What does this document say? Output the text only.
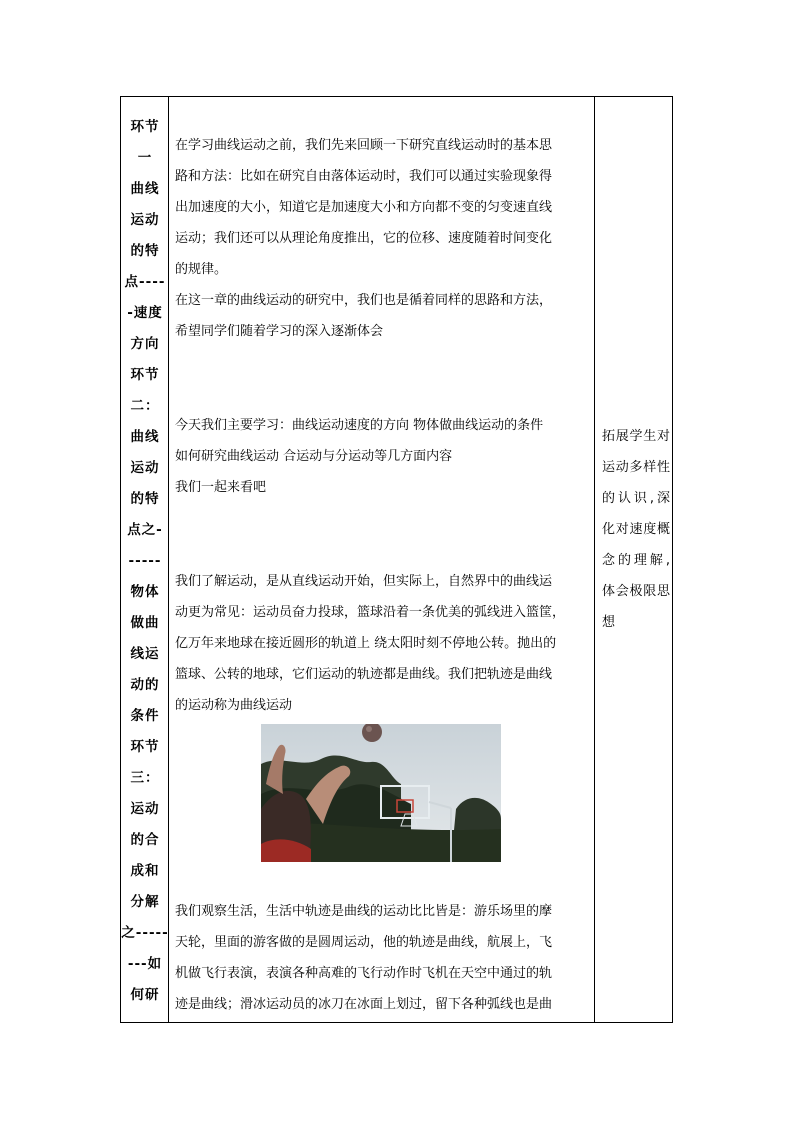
环节
一
曲线
运动
的特
点----
-速度
方向
环节
二：
曲线
运动
的特
点之-
-----
物体
做曲
线运
动的
条件
环节
三：
运动
的合
成和
分解
之-----
---如
何研

在学习曲线运动之前，我们先来回顾一下研究直线运动时的基本思

路和方法：比如在研究自由落体运动时，我们可以通过实验现象得

出加速度的大小，知道它是加速度大小和方向都不变的匀变速直线

运动；我们还可以从理论角度推出，它的位移、速度随着时间变化

的规律。

在这一章的曲线运动的研究中，我们也是循着同样的思路和方法，

希望同学们随着学习的深入逐渐体会

今天我们主要学习：曲线运动速度的方向 物体做曲线运动的条件

如何研究曲线运动 合运动与分运动等几方面内容

我们一起来看吧

我们了解运动，是从直线运动开始，但实际上，自然界中的曲线运

动更为常见：运动员奋力投球，篮球沿着一条优美的弧线进入篮筐，

亿万年来地球在接近圆形的轨道上 绕太阳时刻不停地公转。抛出的

篮球、公转的地球，它们运动的轨迹都是曲线。我们把轨迹是曲线

的运动称为曲线运动

我们观察生活，生活中轨迹是曲线的运动比比皆是：游乐场里的摩

天轮，里面的游客做的是圆周运动，他的轨迹是曲线，航展上，飞

机做飞行表演，表演各种高难的飞行动作时飞机在天空中通过的轨

迹是曲线；滑冰运动员的冰刀在冰面上划过，留下各种弧线也是曲

拓展学生对运动多样性的认识,深化对速度概念的理解,体会极限思想
